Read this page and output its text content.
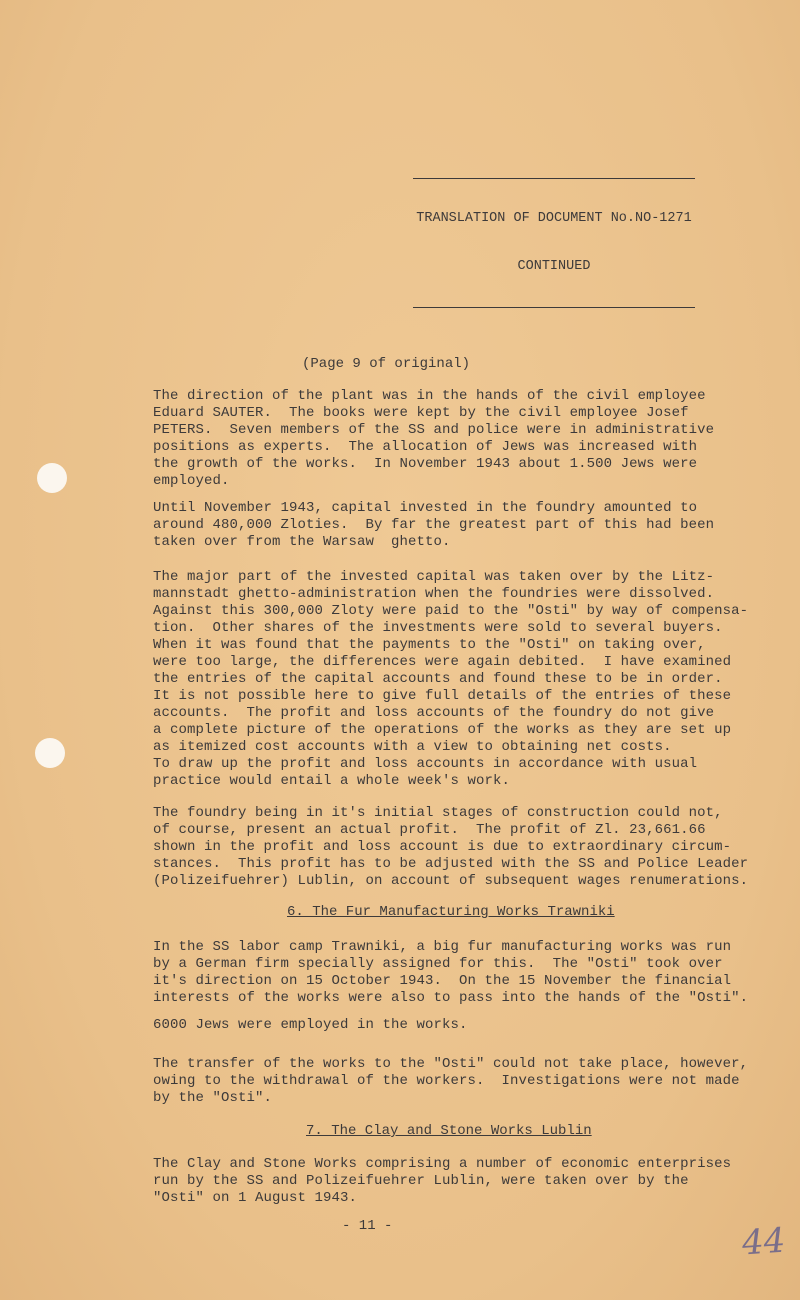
TRANSLATION OF DOCUMENT No.NO-1271

CONTINUED

(Page 9 of original)
The direction of the plant was in the hands of the civil employee
Eduard SAUTER.  The books were kept by the civil employee Josef
PETERS.  Seven members of the SS and police were in administrative
positions as experts.  The allocation of Jews was increased with
the growth of the works.  In November 1943 about 1.500 Jews were
employed.
Until November 1943, capital invested in the foundry amounted to
around 480,000 Zloties.  By far the greatest part of this had been
taken over from the Warsaw  ghetto.
The major part of the invested capital was taken over by the Litz-
mannstadt ghetto-administration when the foundries were dissolved.
Against this 300,000 Zloty were paid to the "Osti" by way of compensa-
tion.  Other shares of the investments were sold to several buyers.
When it was found that the payments to the "Osti" on taking over,
were too large, the differences were again debited.  I have examined
the entries of the capital accounts and found these to be in order.
It is not possible here to give full details of the entries of these
accounts.  The profit and loss accounts of the foundry do not give
a complete picture of the operations of the works as they are set up
as itemized cost accounts with a view to obtaining net costs.
To draw up the profit and loss accounts in accordance with usual
practice would entail a whole week's work.
The foundry being in it's initial stages of construction could not,
of course, present an actual profit.  The profit of Zl. 23,661.66
shown in the profit and loss account is due to extraordinary circum-
stances.  This profit has to be adjusted with the SS and Police Leader
(Polizeifuehrer) Lublin, on account of subsequent wages renumerations.
6. The Fur Manufacturing Works Trawniki
In the SS labor camp Trawniki, a big fur manufacturing works was run
by a German firm specially assigned for this.  The "Osti" took over
it's direction on 15 October 1943.  On the 15 November the financial
interests of the works were also to pass into the hands of the "Osti".
6000 Jews were employed in the works.
The transfer of the works to the "Osti" could not take place, however,
owing to the withdrawal of the workers.  Investigations were not made
by the "Osti".
7. The Clay and Stone Works Lublin
The Clay and Stone Works comprising a number of economic enterprises
run by the SS and Polizeifuehrer Lublin, were taken over by the
"Osti" on 1 August 1943.
- 11 -	44
